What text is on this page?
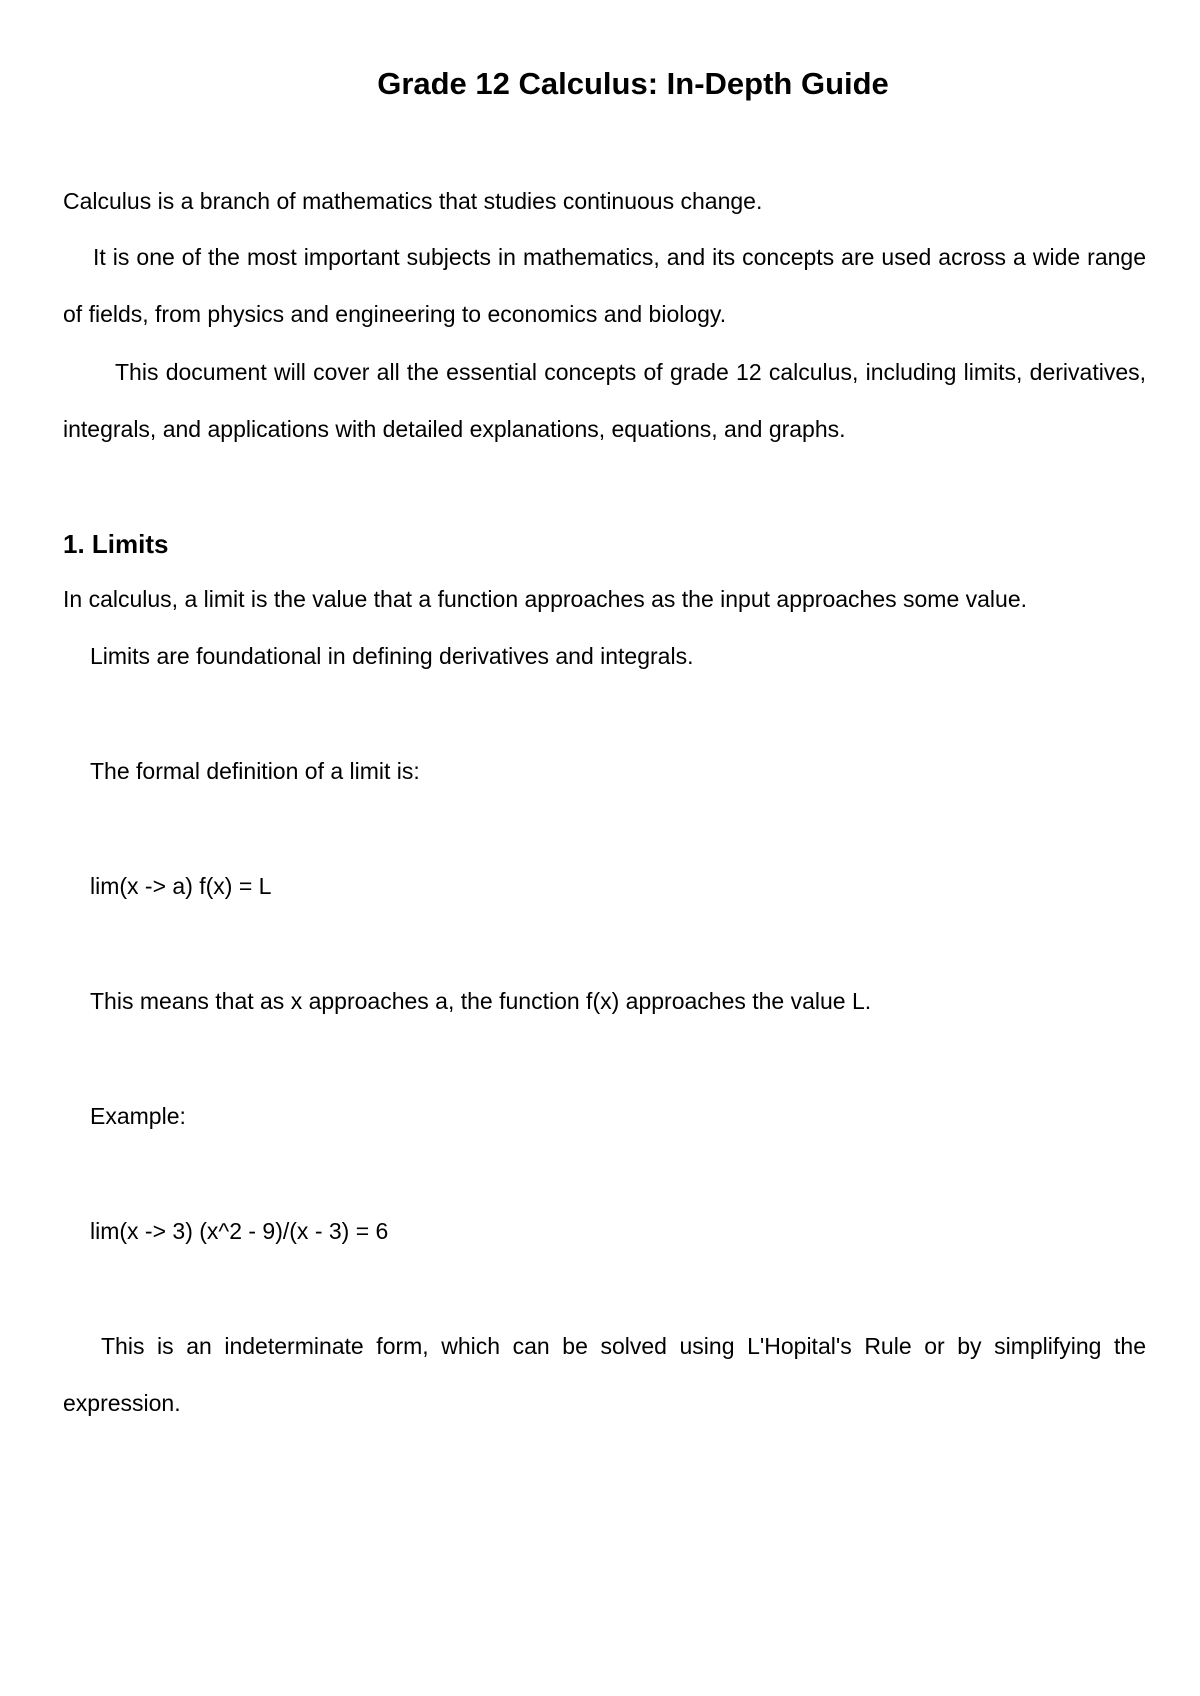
Grade 12 Calculus: In-Depth Guide

Calculus is a branch of mathematics that studies continuous change.

It is one of the most important subjects in mathematics, and its concepts are used across a wide range of fields, from physics and engineering to economics and biology.

This document will cover all the essential concepts of grade 12 calculus, including limits, derivatives, integrals, and applications with detailed explanations, equations, and graphs.

1. Limits

In calculus, a limit is the value that a function approaches as the input approaches some value.

Limits are foundational in defining derivatives and integrals.

The formal definition of a limit is:

lim(x -> a) f(x) = L

This means that as x approaches a, the function f(x) approaches the value L.

Example:

lim(x -> 3) (x^2 - 9)/(x - 3) = 6

This is an indeterminate form, which can be solved using L'Hopital's Rule or by simplifying the expression.
